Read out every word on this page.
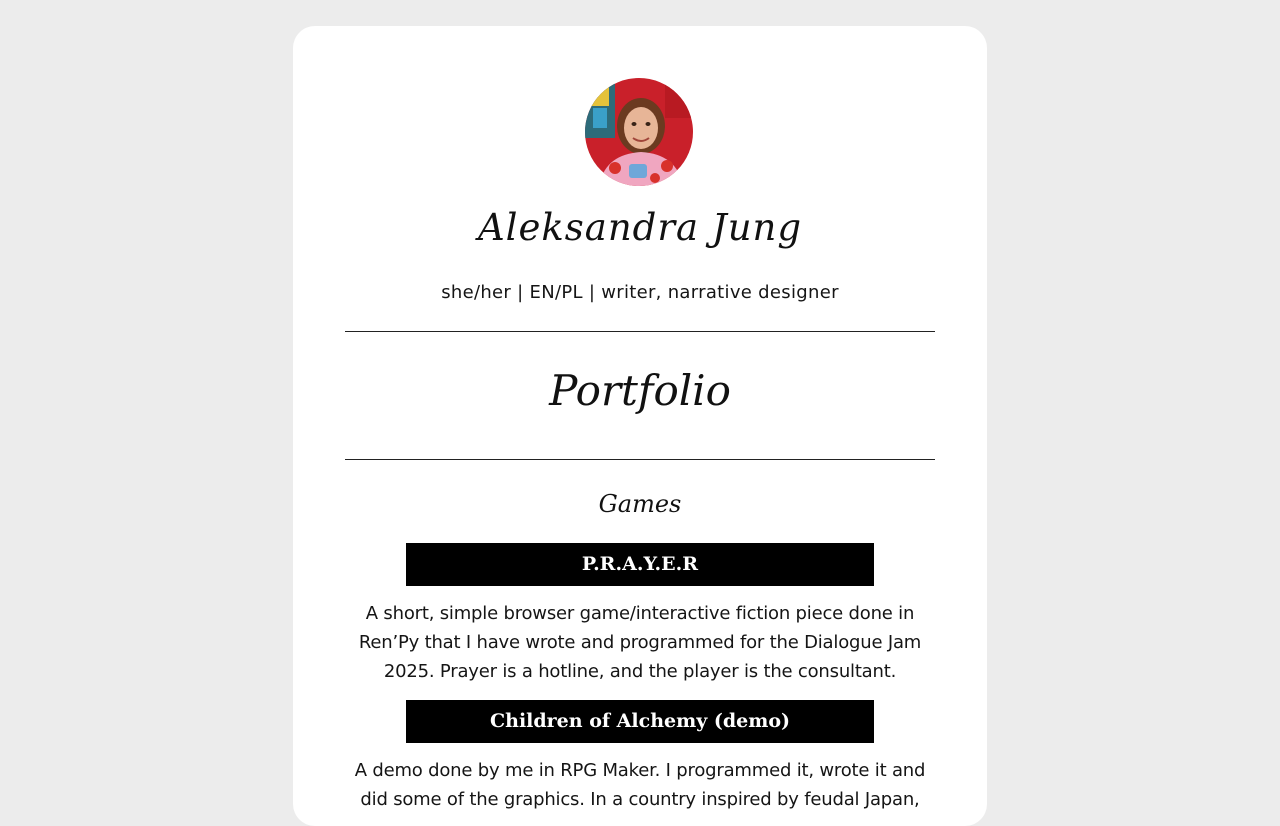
Aleksandra Jung
she/her | EN/PL | writer, narrative designer
Portfolio
Games
P.R.A.Y.E.R
A short, simple browser game/interactive fiction piece done in Ren’Py that I have wrote and programmed for the Dialogue Jam 2025. Prayer is a hotline, and the player is the consultant.
Children of Alchemy (demo)
A demo done by me in RPG Maker. I programmed it, wrote it and did some of the graphics. In a country inspired by feudal Japan,
